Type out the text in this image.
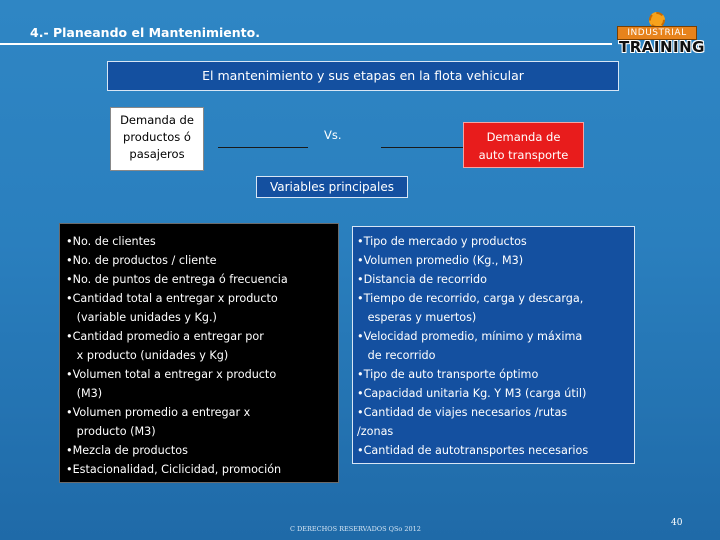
4.- Planeando el Mantenimiento.	INDUSTRIAL
TRAINING
El mantenimiento y sus etapas en la flota vehicular
Demanda de
productos ó
pasajeros
Vs.	Demanda de
auto transporte
Variables principales
•No. de clientes
•No. de productos / cliente
•No. de puntos de entrega ó frecuencia
•Cantidad total a entregar x producto
(variable unidades y Kg.)
•Cantidad promedio a entregar por
x producto (unidades y Kg)
•Volumen total a entregar x producto
(M3)
•Volumen promedio a entregar x
producto (M3)
•Mezcla de productos
•Estacionalidad, Ciclicidad, promoción
•Tipo de mercado y productos
•Volumen promedio (Kg., M3)
•Distancia de recorrido
•Tiempo de recorrido, carga y descarga,
esperas y muertos)
•Velocidad promedio, mínimo y máxima
de recorrido
•Tipo de auto transporte óptimo
•Capacidad unitaria Kg. Y M3 (carga útil)
•Cantidad de viajes necesarios /rutas
/zonas
•Cantidad de autotransportes necesarios
C DERECHOS RESERVADOS QSo 2012
40
